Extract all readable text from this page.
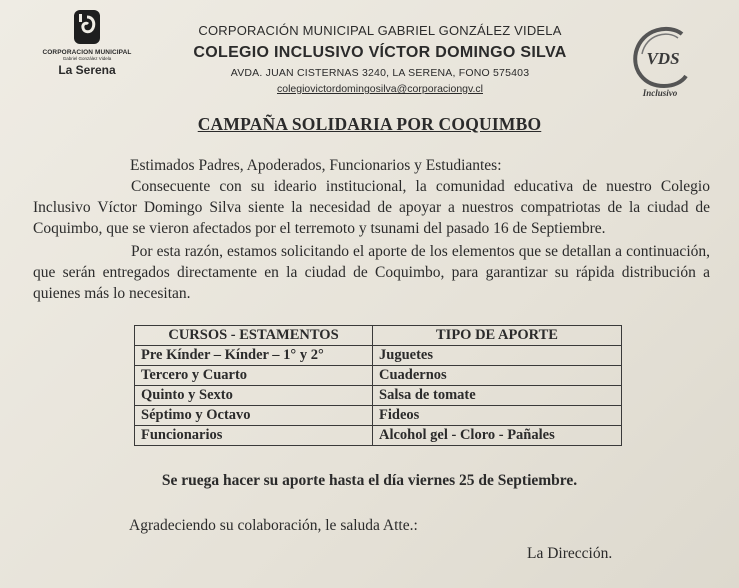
CORPORACION MUNICIPAL
Gabriel González Videla
La Serena
CORPORACIÓN MUNICIPAL GABRIEL GONZÁLEZ VIDELA
COLEGIO INCLUSIVO VÍCTOR DOMINGO SILVA
AVDA. JUAN CISTERNAS 3240, LA SERENA, FONO 575403
colegiovictordomingosilva@corporaciongv.cl
VDS
Inclusivo
CAMPAÑA SOLIDARIA POR COQUIMBO
Estimados Padres, Apoderados, Funcionarios y Estudiantes:
Consecuente con su ideario institucional, la comunidad educativa de nuestro Colegio Inclusivo Víctor Domingo Silva siente la necesidad de apoyar a nuestros compatriotas de la ciudad de Coquimbo, que se vieron afectados por el terremoto y tsunami del pasado 16 de Septiembre.
Por esta razón, estamos solicitando el aporte de los elementos que se detallan a continuación, que serán entregados directamente en la ciudad de Coquimbo, para garantizar su rápida distribución a quienes más lo necesitan.
CURSOS - ESTAMENTOS	TIPO DE APORTE
Pre Kínder – Kínder – 1° y 2°	Juguetes
Tercero y Cuarto	Cuadernos
Quinto y Sexto	Salsa de tomate
Séptimo y Octavo	Fideos
Funcionarios	Alcohol gel - Cloro - Pañales
Se ruega hacer su aporte hasta el día viernes 25 de Septiembre.
Agradeciendo su colaboración, le saluda Atte.:
La Dirección.
